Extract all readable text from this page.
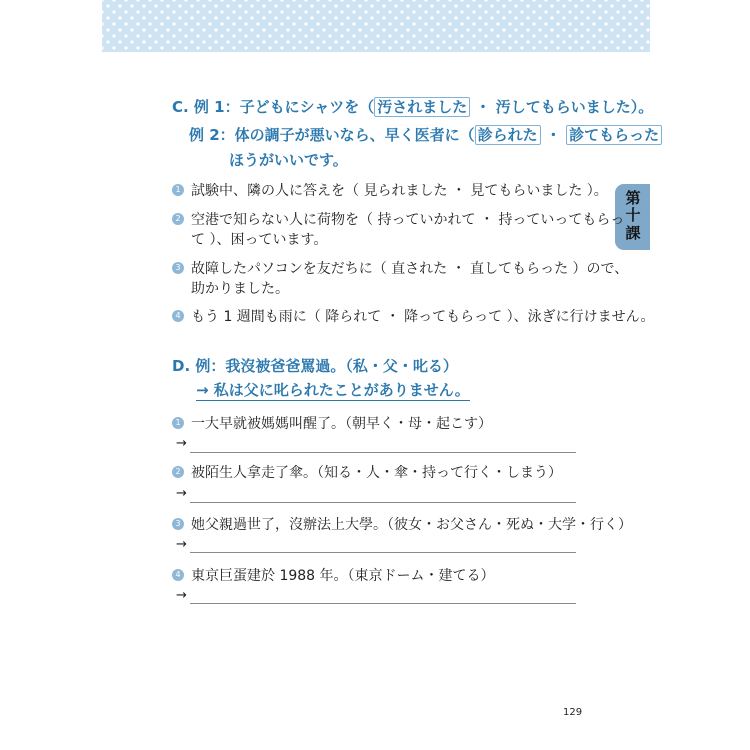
第十課
C. 例 1：子どもにシャツを（ 汚されました ・ 汚してもらいました）。
例 2：体の調子が悪いなら、早く医者に（ 診られた ・ 診てもらった
ほうがいいです。
1 試験中、隣の人に答えを（ 見られました ・ 見てもらいました ）。
2 空港で知らない人に荷物を（ 持っていかれて ・ 持っていってもらっ
て ）、困っています。
3 故障したパソコンを友だちに（ 直された ・ 直してもらった ）ので、
助かりました。
4 もう 1 週間も雨に（ 降られて ・ 降ってもらって ）、泳ぎに行けません。
D. 例：我沒被爸爸罵過。（私・父・叱る）
→ 私は父に叱られたことがありません。
1 一大早就被媽媽叫醒了。（朝早く・母・起こす）
→
2 被陌生人拿走了傘。（知る・人・傘・持って行く・しまう）
→
3 她父親過世了，沒辦法上大學。（彼女・お父さん・死ぬ・大学・行く）
→
4 東京巨蛋建於 1988 年。（東京ドーム・建てる）
→
129
